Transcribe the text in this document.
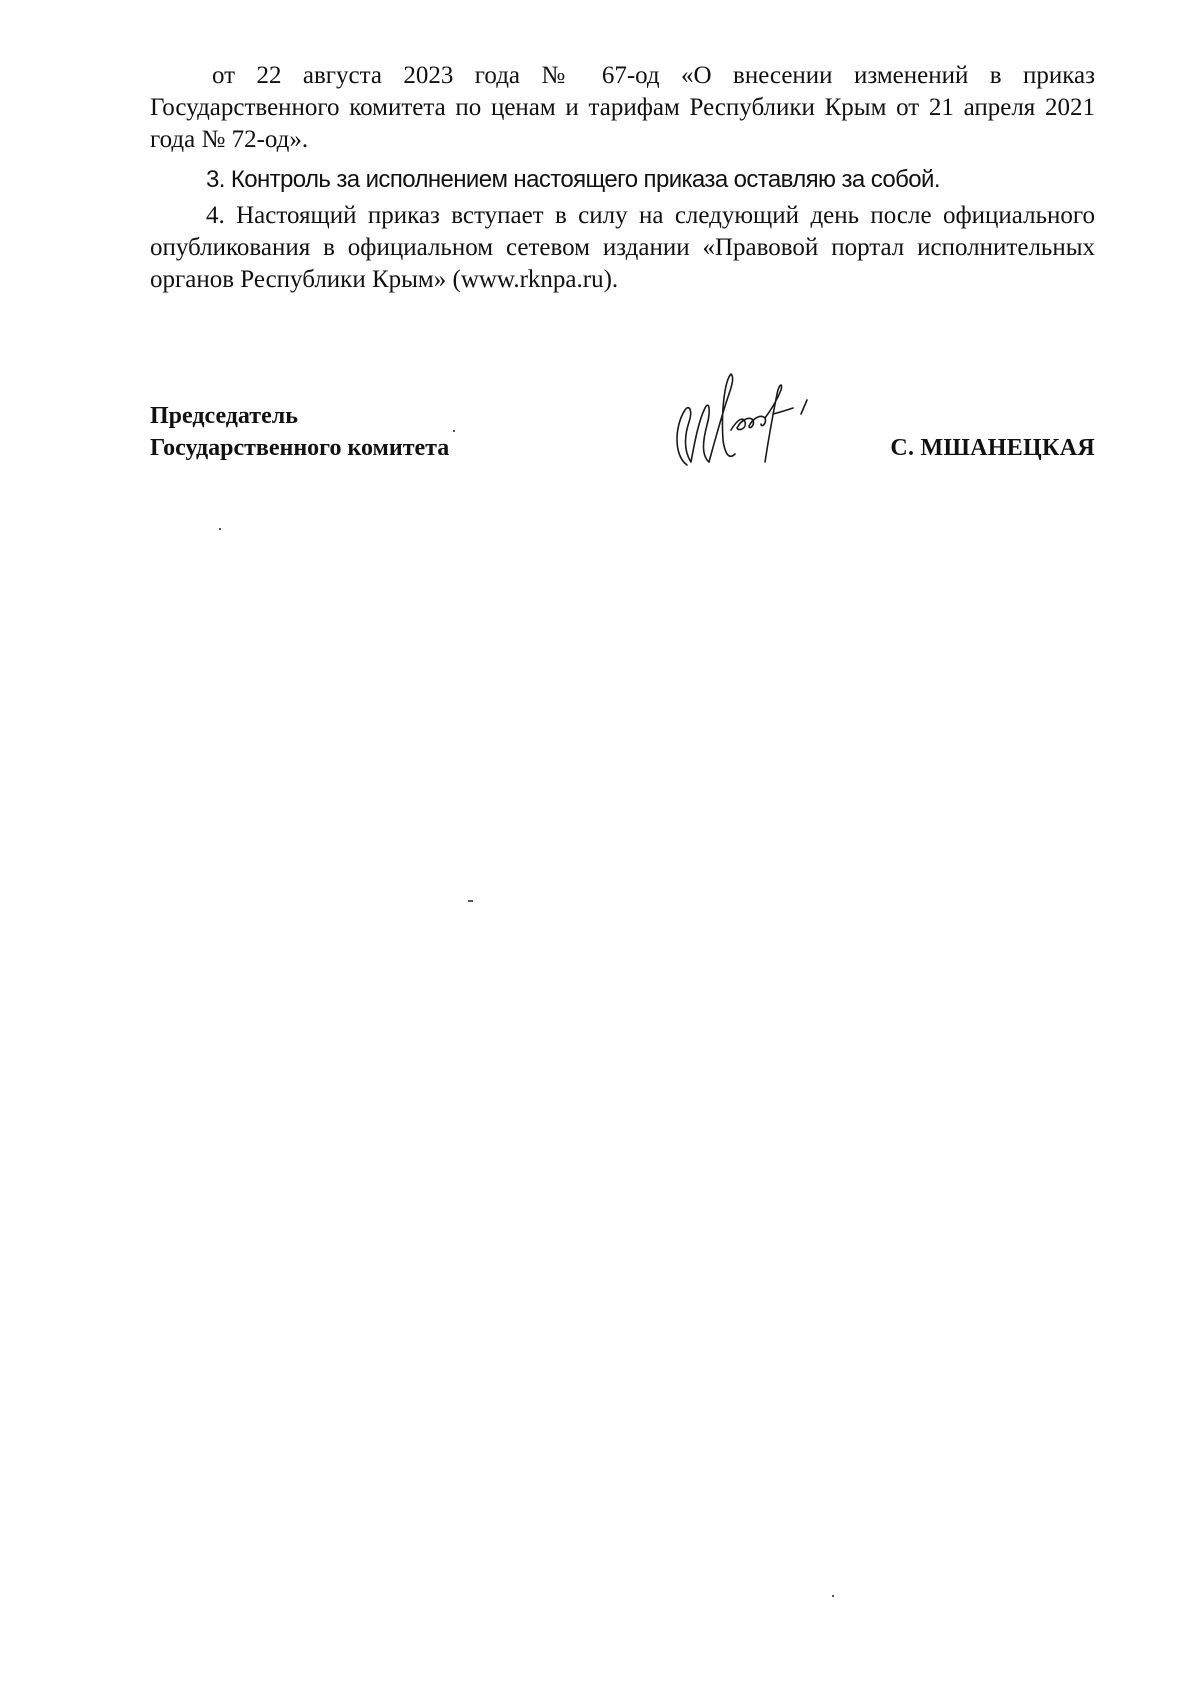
от 22 августа 2023 года № 67-од «О внесении изменений в приказ Государственного комитета по ценам и тарифам Республики Крым от 21 апреля 2021 года № 72-од».

3. Контроль за исполнением настоящего приказа оставляю за собой.

4. Настоящий приказ вступает в силу на следующий день после официального опубликования в официальном сетевом издании «Правовой портал исполнительных органов Республики Крым» (www.rknpa.ru).

Председатель
Государственного комитета	С. МШАНЕЦКАЯ
